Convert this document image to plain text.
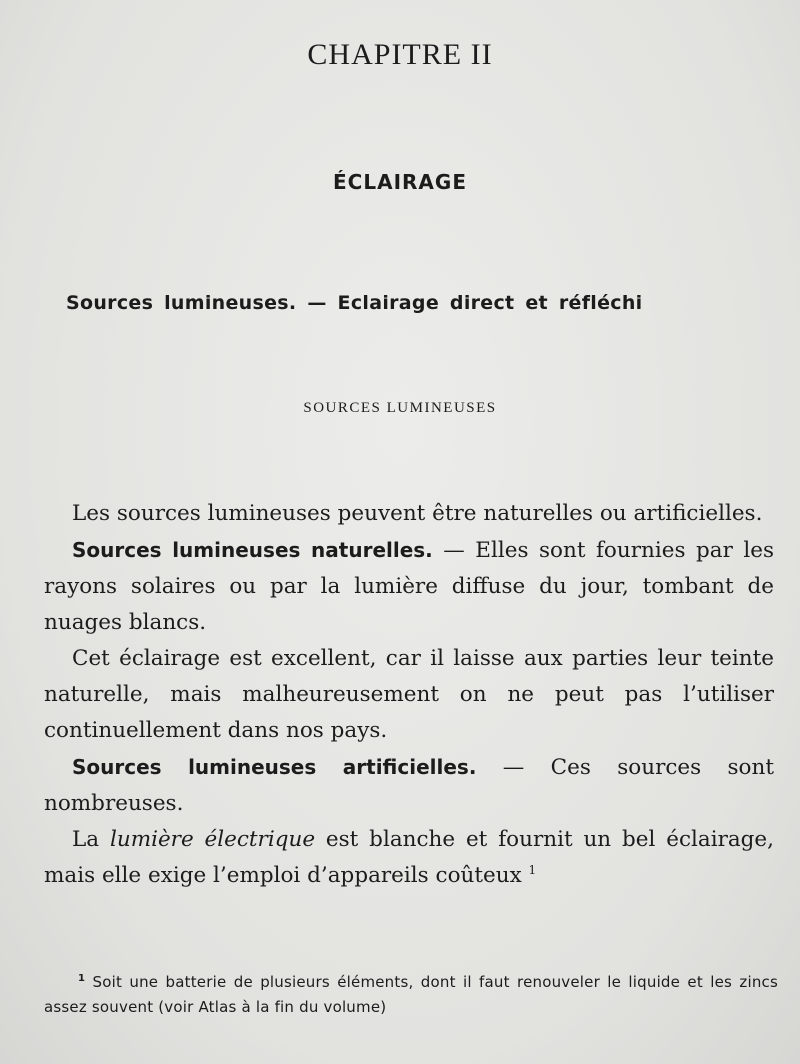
CHAPITRE II
ÉCLAIRAGE
Sources lumineuses. — Eclairage direct et réfléchi
SOURCES LUMINEUSES

Les sources lumineuses peuvent être naturelles ou artificielles.

Sources lumineuses naturelles. — Elles sont fournies par les rayons solaires ou par la lumière diffuse du jour, tombant de nuages blancs.

Cet éclairage est excellent, car il laisse aux parties leur teinte naturelle, mais malheureusement on ne peut pas l’utiliser continuellement dans nos pays.

Sources lumineuses artificielles. — Ces sources sont nombreuses.

La lumière électrique est blanche et fournit un bel éclairage, mais elle exige l’emploi d’appareils coûteux $^1$

$^1$ Soit une batterie de plusieurs éléments, dont il faut renouveler le liquide et les zincs assez souvent (voir Atlas à la fin du volume)
